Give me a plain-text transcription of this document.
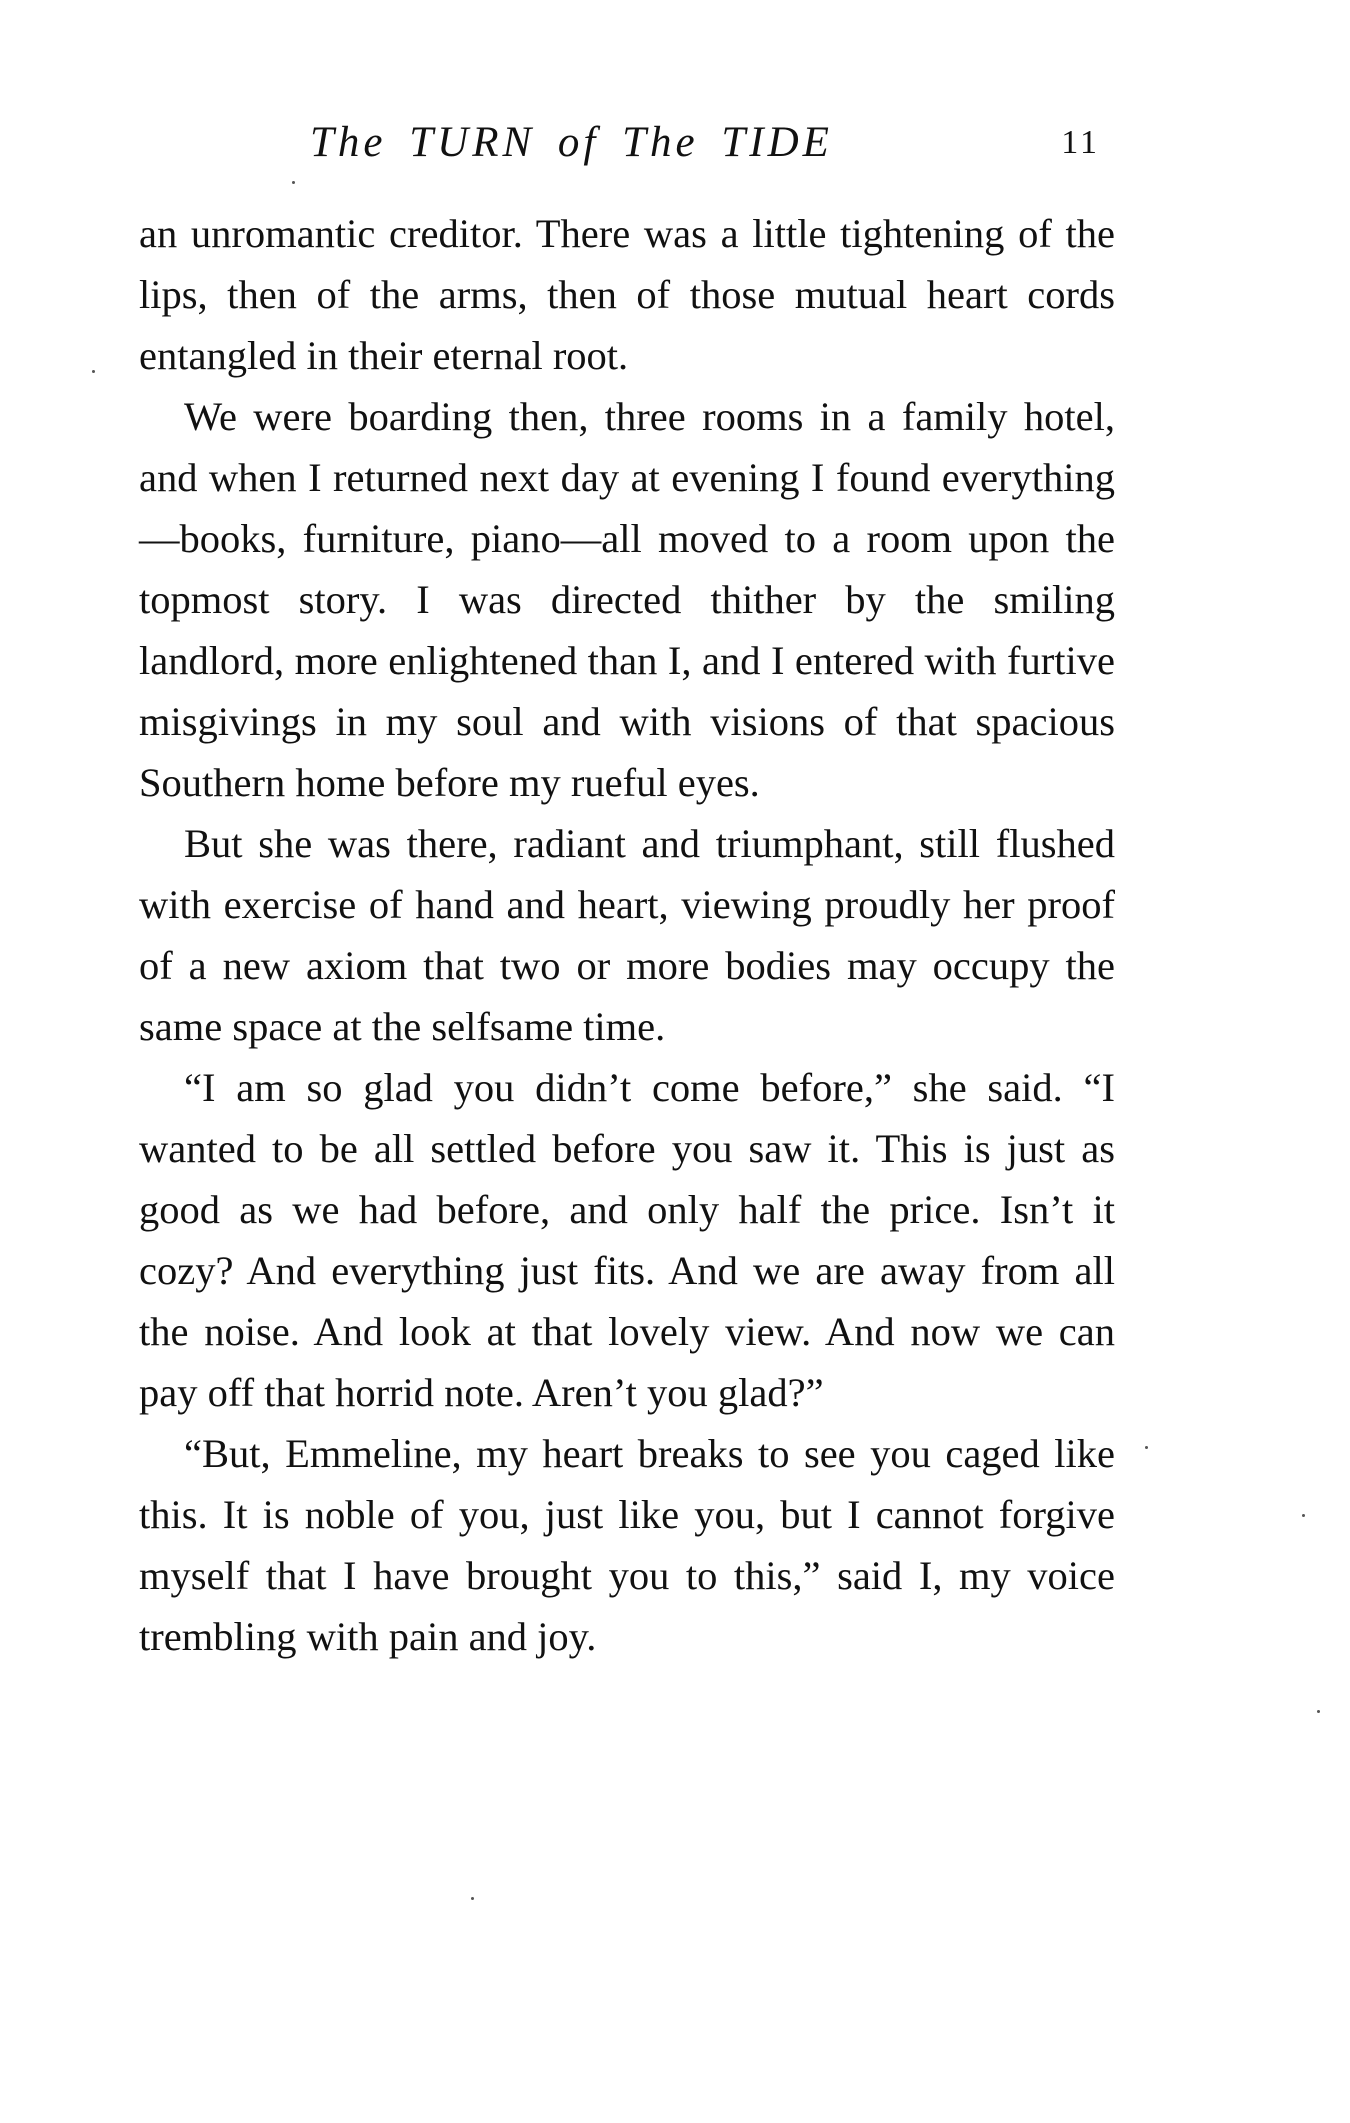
The TURN of The TIDE	11

an unromantic creditor. There was a little tightening of the lips, then of the arms, then of those mutual heart cords entangled in their eternal root.

We were boarding then, three rooms in a family hotel, and when I returned next day at evening I found everything—books, furniture, piano—all moved to a room upon the topmost story. I was directed thither by the smiling landlord, more enlightened than I, and I entered with furtive misgivings in my soul and with visions of that spacious Southern home before my rueful eyes.

But she was there, radiant and triumphant, still flushed with exercise of hand and heart, viewing proudly her proof of a new axiom that two or more bodies may occupy the same space at the selfsame time.

“I am so glad you didn’t come before,” she said. “I wanted to be all settled before you saw it. This is just as good as we had before, and only half the price. Isn’t it cozy? And everything just fits. And we are away from all the noise. And look at that lovely view. And now we can pay off that horrid note. Aren’t you glad?”

“But, Emmeline, my heart breaks to see you caged like this. It is noble of you, just like you, but I cannot forgive myself that I have brought you to this,” said I, my voice trembling with pain and joy.
